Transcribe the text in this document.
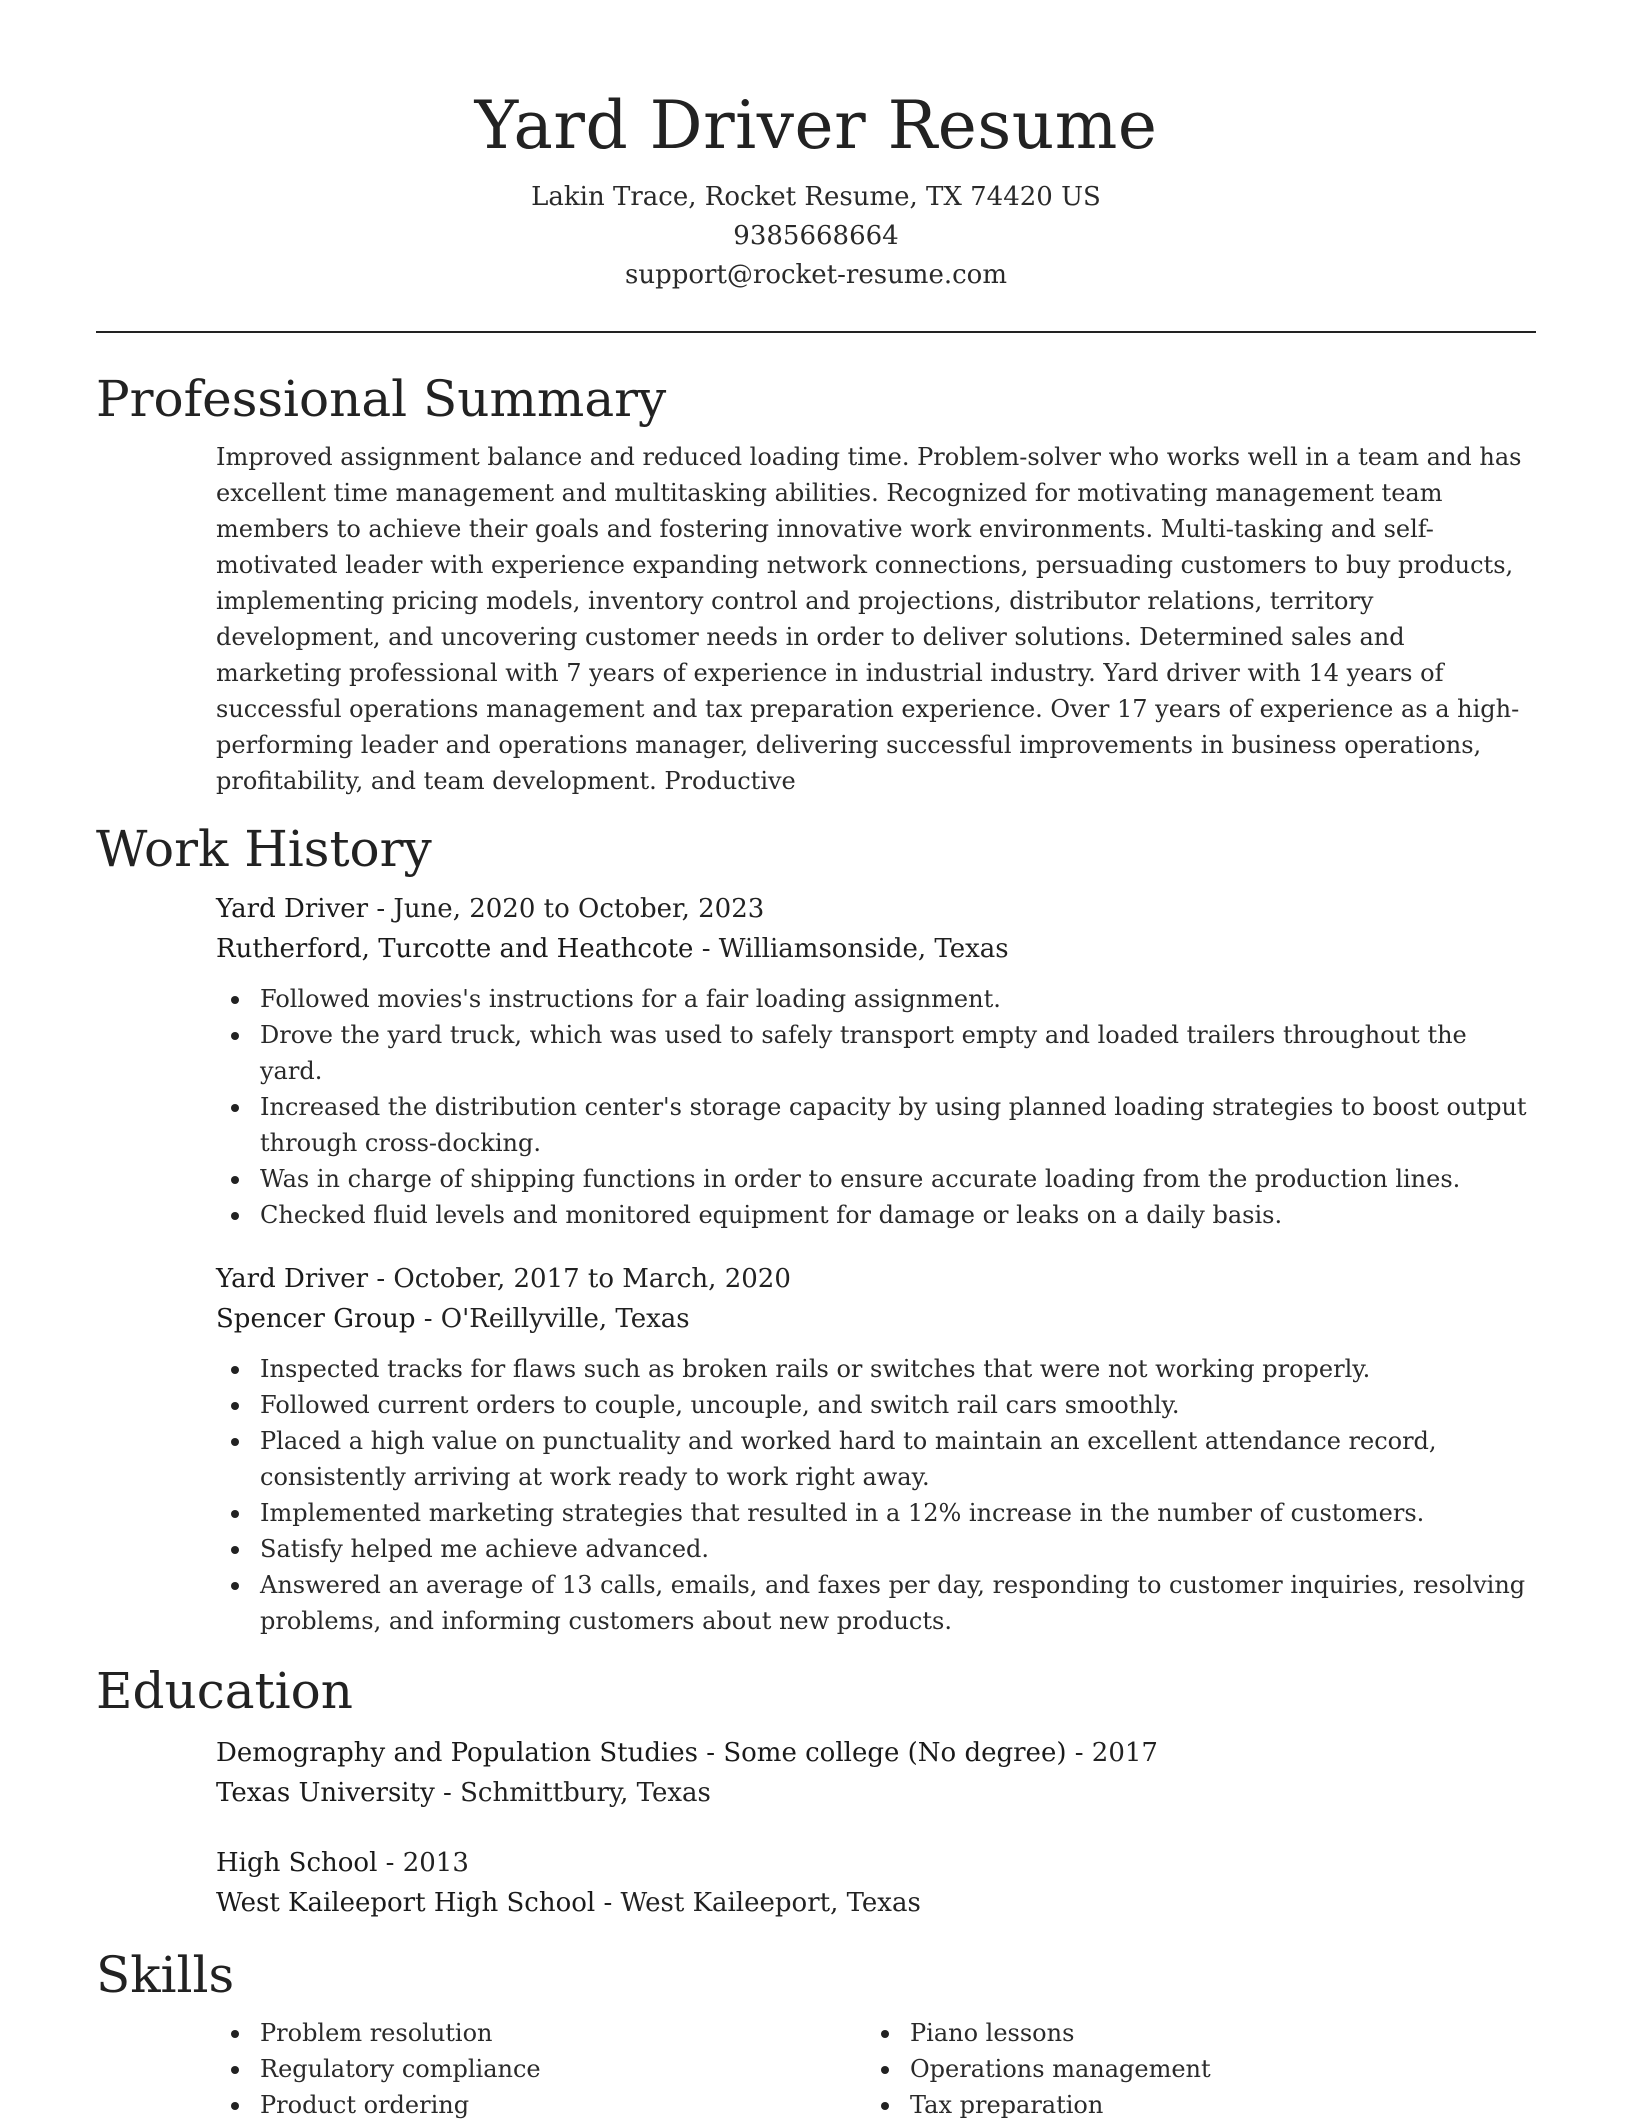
Yard Driver Resume
Lakin Trace, Rocket Resume, TX 74420 US
9385668664
support@rocket-resume.com
Professional Summary
Improved assignment balance and reduced loading time. Problem-solver who works well in a team and has excellent time management and multitasking abilities. Recognized for motivating management team members to achieve their goals and fostering innovative work environments. Multi-tasking and self-motivated leader with experience expanding network connections, persuading customers to buy products, implementing pricing models, inventory control and projections, distributor relations, territory development, and uncovering customer needs in order to deliver solutions. Determined sales and marketing professional with 7 years of experience in industrial industry. Yard driver with 14 years of successful operations management and tax preparation experience. Over 17 years of experience as a high-performing leader and operations manager, delivering successful improvements in business operations, profitability, and team development. Productive
Work History
Yard Driver - June, 2020 to October, 2023
Rutherford, Turcotte and Heathcote - Williamsonside, Texas
Followed movies's instructions for a fair loading assignment.
Drove the yard truck, which was used to safely transport empty and loaded trailers throughout the yard.
Increased the distribution center's storage capacity by using planned loading strategies to boost output through cross-docking.
Was in charge of shipping functions in order to ensure accurate loading from the production lines.
Checked fluid levels and monitored equipment for damage or leaks on a daily basis.
Yard Driver - October, 2017 to March, 2020
Spencer Group - O'Reillyville, Texas
Inspected tracks for flaws such as broken rails or switches that were not working properly.
Followed current orders to couple, uncouple, and switch rail cars smoothly.
Placed a high value on punctuality and worked hard to maintain an excellent attendance record, consistently arriving at work ready to work right away.
Implemented marketing strategies that resulted in a 12% increase in the number of customers.
Satisfy helped me achieve advanced.
Answered an average of 13 calls, emails, and faxes per day, responding to customer inquiries, resolving problems, and informing customers about new products.
Education
Demography and Population Studies - Some college (No degree) - 2017
Texas University - Schmittbury, Texas
High School - 2013
West Kaileeport High School - West Kaileeport, Texas
Skills
Problem resolution
Regulatory compliance
Product ordering
Piano lessons
Operations management
Tax preparation
